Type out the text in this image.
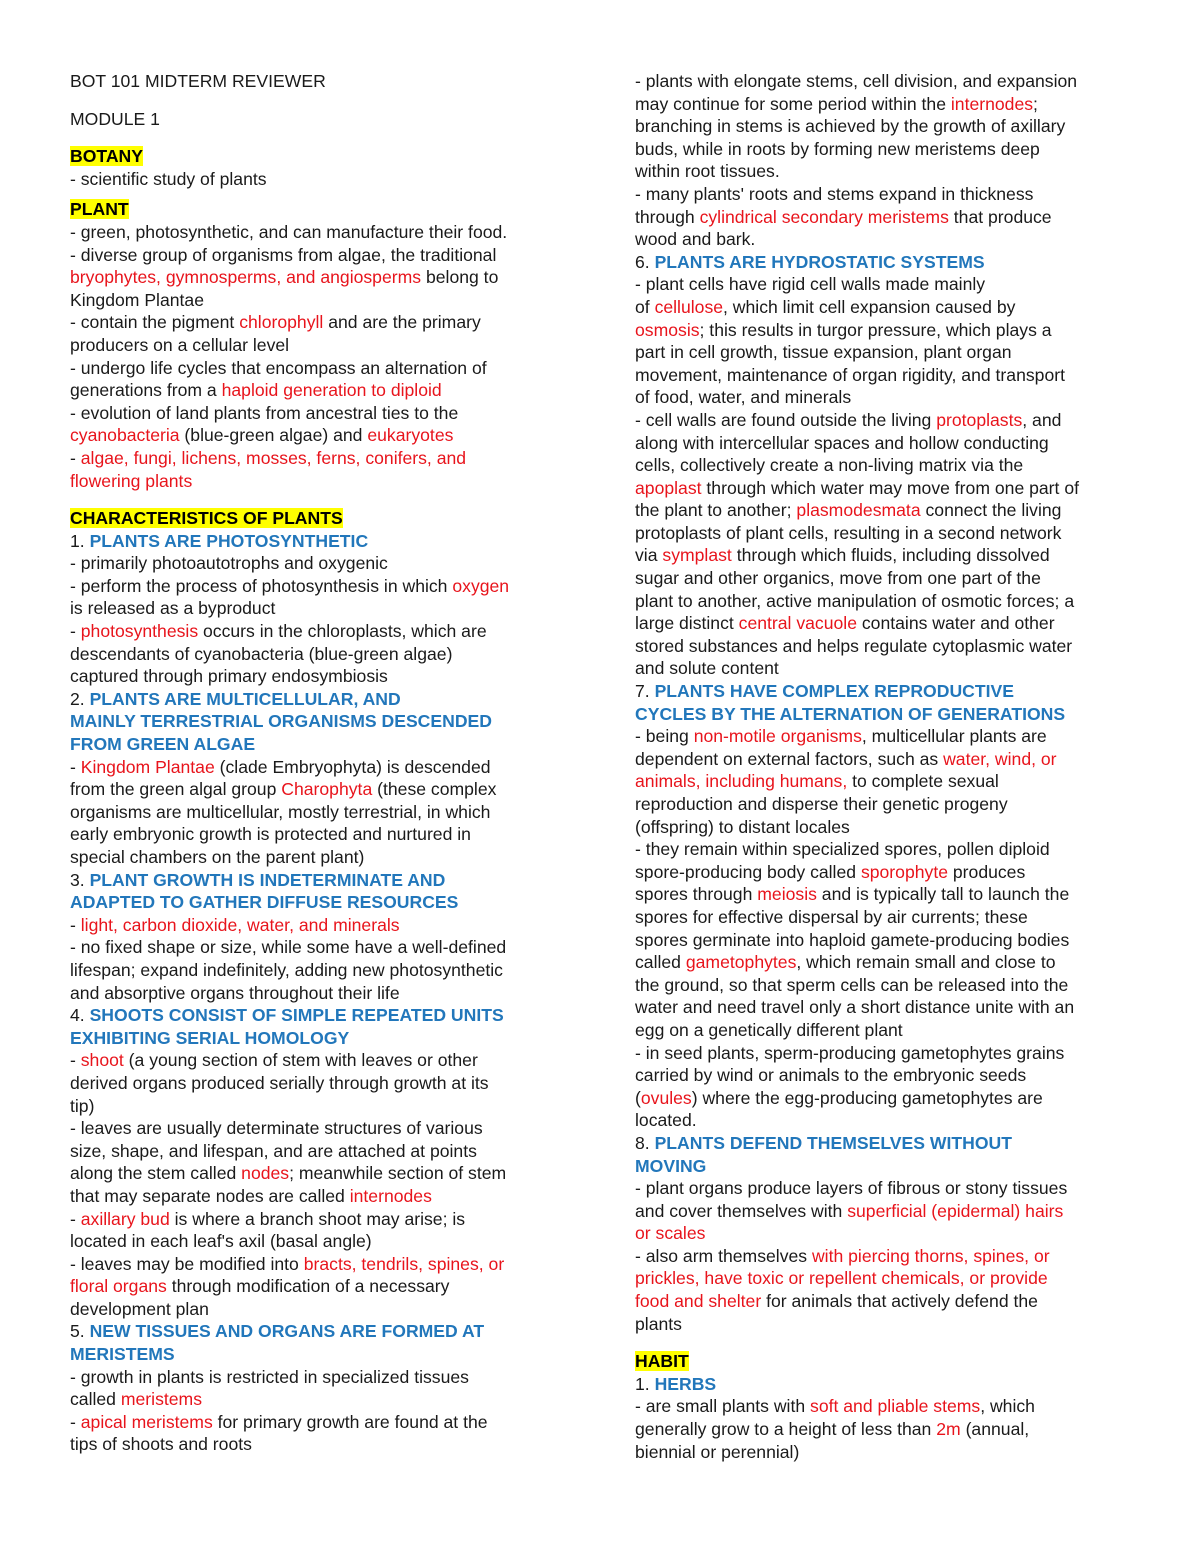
BOT 101 MIDTERM REVIEWER
MODULE 1
BOTANY
- scientific study of plants
PLANT
- green, photosynthetic, and can manufacture their food.
- diverse group of organisms from algae, the traditional
bryophytes, gymnosperms, and angiosperms belong to
Kingdom Plantae
- contain the pigment chlorophyll and are the primary
producers on a cellular level
- undergo life cycles that encompass an alternation of
generations from a haploid generation to diploid
- evolution of land plants from ancestral ties to the
cyanobacteria (blue-green algae) and eukaryotes
- algae, fungi, lichens, mosses, ferns, conifers, and
flowering plants
CHARACTERISTICS OF PLANTS
1. PLANTS ARE PHOTOSYNTHETIC
- primarily photoautotrophs and oxygenic
- perform the process of photosynthesis in which oxygen
is released as a byproduct
- photosynthesis occurs in the chloroplasts, which are
descendants of cyanobacteria (blue-green algae)
captured through primary endosymbiosis
2. PLANTS ARE MULTICELLULAR, AND
MAINLY TERRESTRIAL ORGANISMS DESCENDED
FROM GREEN ALGAE
- Kingdom Plantae (clade Embryophyta) is descended
from the green algal group Charophyta (these complex
organisms are multicellular, mostly terrestrial, in which
early embryonic growth is protected and nurtured in
special chambers on the parent plant)
3. PLANT GROWTH IS INDETERMINATE AND
ADAPTED TO GATHER DIFFUSE RESOURCES
- light, carbon dioxide, water, and minerals
- no fixed shape or size, while some have a well-defined
lifespan; expand indefinitely, adding new photosynthetic
and absorptive organs throughout their life
4. SHOOTS CONSIST OF SIMPLE REPEATED UNITS
EXHIBITING SERIAL HOMOLOGY
- shoot (a young section of stem with leaves or other
derived organs produced serially through growth at its
tip)
- leaves are usually determinate structures of various
size, shape, and lifespan, and are attached at points
along the stem called nodes; meanwhile section of stem
that may separate nodes are called internodes
- axillary bud is where a branch shoot may arise; is
located in each leaf's axil (basal angle)
- leaves may be modified into bracts, tendrils, spines, or
floral organs through modification of a necessary
development plan
5. NEW TISSUES AND ORGANS ARE FORMED AT
MERISTEMS
- growth in plants is restricted in specialized tissues
called meristems
- apical meristems for primary growth are found at the
tips of shoots and roots
- plants with elongate stems, cell division, and expansion
may continue for some period within the internodes;
branching in stems is achieved by the growth of axillary
buds, while in roots by forming new meristems deep
within root tissues.
- many plants' roots and stems expand in thickness
through cylindrical secondary meristems that produce
wood and bark.
6. PLANTS ARE HYDROSTATIC SYSTEMS
- plant cells have rigid cell walls made mainly
of cellulose, which limit cell expansion caused by
osmosis; this results in turgor pressure, which plays a
part in cell growth, tissue expansion, plant organ
movement, maintenance of organ rigidity, and transport
of food, water, and minerals
- cell walls are found outside the living protoplasts, and
along with intercellular spaces and hollow conducting
cells, collectively create a non-living matrix via the
apoplast through which water may move from one part of
the plant to another; plasmodesmata connect the living
protoplasts of plant cells, resulting in a second network
via symplast through which fluids, including dissolved
sugar and other organics, move from one part of the
plant to another, active manipulation of osmotic forces; a
large distinct central vacuole contains water and other
stored substances and helps regulate cytoplasmic water
and solute content
7. PLANTS HAVE COMPLEX REPRODUCTIVE
CYCLES BY THE ALTERNATION OF GENERATIONS
- being non-motile organisms, multicellular plants are
dependent on external factors, such as water, wind, or
animals, including humans, to complete sexual
reproduction and disperse their genetic progeny
(offspring) to distant locales
- they remain within specialized spores, pollen diploid
spore-producing body called sporophyte produces
spores through meiosis and is typically tall to launch the
spores for effective dispersal by air currents; these
spores germinate into haploid gamete-producing bodies
called gametophytes, which remain small and close to
the ground, so that sperm cells can be released into the
water and need travel only a short distance unite with an
egg on a genetically different plant
- in seed plants, sperm-producing gametophytes grains
carried by wind or animals to the embryonic seeds
(ovules) where the egg-producing gametophytes are
located.
8. PLANTS DEFEND THEMSELVES WITHOUT
MOVING
- plant organs produce layers of fibrous or stony tissues
and cover themselves with superficial (epidermal) hairs
or scales
- also arm themselves with piercing thorns, spines, or
prickles, have toxic or repellent chemicals, or provide
food and shelter for animals that actively defend the
plants
HABIT
1. HERBS
- are small plants with soft and pliable stems, which
generally grow to a height of less than 2m (annual,
biennial or perennial)
